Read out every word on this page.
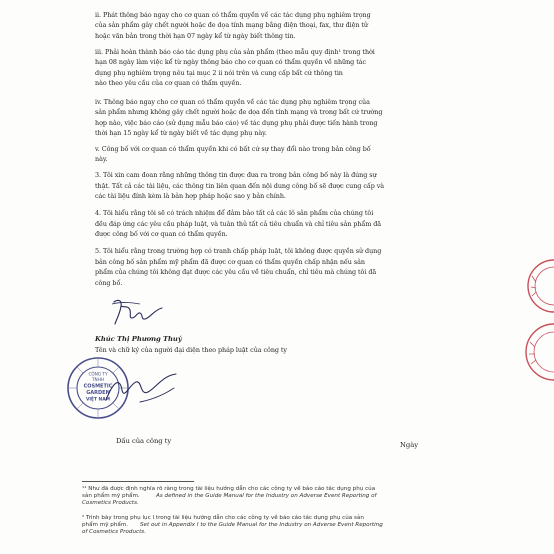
ii. Phát thông báo ngay cho cơ quan có thẩm quyền về các tác dụng phụ nghiêm trọng
của sản phẩm gây chết người hoặc đe dọa tính mạng bằng điện thoại, fax, thư điện tử
hoặc văn bản trong thời hạn 07 ngày kể từ ngày biết thông tin.
iii. Phải hoàn thành báo cáo tác dụng phụ của sản phẩm (theo mẫu quy định¹ trong thời
hạn 08 ngày làm việc kể từ ngày thông báo cho cơ quan có thẩm quyền về những tác
dụng phụ nghiêm trọng nêu tại mục 2 ii nói trên và cung cấp bất cứ thông tin
nào theo yêu cầu của cơ quan có thẩm quyền.
iv. Thông báo ngay cho cơ quan có thẩm quyền về các tác dụng phụ nghiêm trọng của
sản phẩm nhưng không gây chết người hoặc đe dọa đến tính mạng và trong bất cứ trường
hợp nào, việc báo cáo (sử dụng mẫu báo cáo) về tác dụng phụ phải được tiến hành trong
thời hạn 15 ngày kể từ ngày biết về tác dụng phụ này.
v. Công bố với cơ quan có thẩm quyền khi có bất cứ sự thay đổi nào trong bản công bố
này.
3. Tôi xin cam đoan rằng những thông tin được đưa ra trong bản công bố này là đúng sự
thật. Tất cả các tài liệu, các thông tin liên quan đến nội dung công bố sẽ được cung cấp và
các tài liệu đính kèm là bản hợp pháp hoặc sao y bản chính.
4. Tôi hiểu rằng tôi sẽ có trách nhiệm để đảm bảo tất cả các lô sản phẩm của chúng tôi
đều đáp ứng các yêu cầu pháp luật, và tuân thủ tất cả tiêu chuẩn và chỉ tiêu sản phẩm đã
được công bố với cơ quan có thẩm quyền.
5. Tôi hiểu rằng trong trường hợp có tranh chấp pháp luật, tôi không được quyền sử dụng
bản công bố sản phẩm mỹ phẩm đã được cơ quan có thẩm quyền chấp nhận nếu sản
phẩm của chúng tôi không đạt được các yêu cầu về tiêu chuẩn, chỉ tiêu mà chúng tôi đã
công bố.
Khúc Thị Phương Thuý
Tên và chữ ký của người đại diện theo pháp luật của công ty
CÔNG TY
TNHH
COSMETIC
GARDEN
VIỆT NAM
Dấu của công ty	Ngày
¹¹ Như đã được định nghĩa rõ ràng trong tài liệu hướng dẫn cho các công ty về báo cáo tác dụng phụ của
sản phẩm mỹ phẩm.	As defined in the Guide Manual for the Industry on Adverse Event Reporting of
Cosmetics Products.
² Trình bày trong phụ lục I trong tài liệu hướng dẫn cho các công ty về báo cáo tác dụng phụ của sản
phẩm mỹ phẩm. Set out in Appendix I to the Guide Manual for the Industry on Adverse Event Reporting
of Cosmetics Products.
